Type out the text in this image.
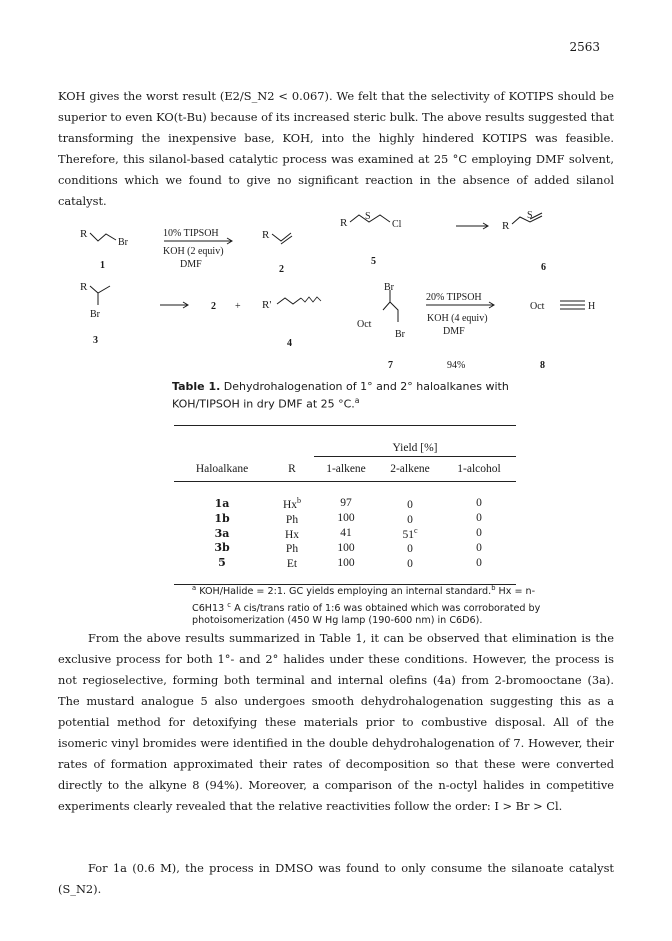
2563

KOH gives the worst result (E2/S_N2 < 0.067). We felt that the selectivity of KOTIPS should be superior to even KO(t-Bu) because of its increased steric bulk. The above results suggested that transforming the inexpensive base, KOH, into the highly hindered KOTIPS was feasible. Therefore, this silanol-based catalytic process was examined at 25 °C employing DMF solvent, conditions which we found to give no significant reaction in the absence of added silanol catalyst.

R
Br
1
10% TIPSOH
KOH (2 equiv)
DMF
R
2
R
S
Cl
5
R
S
6
R
Br
3
2 + R'
4
Br
Oct
Br
7
20% TIPSOH
KOH (4 equiv)
DMF
94%
Oct	H
8

Table 1. Dehydrohalogenation of 1° and 2° haloalkanes with KOH/TIPSOH in dry DMF at 25 °C.$^a$

		Yield [%]		
Haloalkane	R	1-alkene	2-alkene	1-alcohol

1a	Hx$^b$	97	0	0
1b	Ph	100	0	0
3a	Hx	41	51$^c$	0
3b	Ph	100	0	0
5	Et	100	0	0

$^a$ KOH/Halide = 2:1. GC yields employing an internal standard.$^b$ Hx = n-C6H13 $^c$ A cis/trans ratio of 1:6 was obtained which was corroborated by photoisomerization (450 W Hg lamp (190-600 nm) in C6D6).

From the above results summarized in Table 1, it can be observed that elimination is the exclusive process for both 1°- and 2° halides under these conditions. However, the process is not regioselective, forming both terminal and internal olefins (4a) from 2-bromooctane (3a). The mustard analogue 5 also undergoes smooth dehydrohalogenation suggesting this as a potential method for detoxifying these materials prior to combustive disposal. All of the isomeric vinyl bromides were identified in the double dehydrohalogenation of 7. However, their rates of formation approximated their rates of decomposition so that these were converted directly to the alkyne 8 (94%). Moreover, a comparison of the n-octyl halides in competitive experiments clearly revealed that the relative reactivities follow the order: I > Br > Cl.

For 1a (0.6 M), the process in DMSO was found to only consume the silanoate catalyst (S_N2).
